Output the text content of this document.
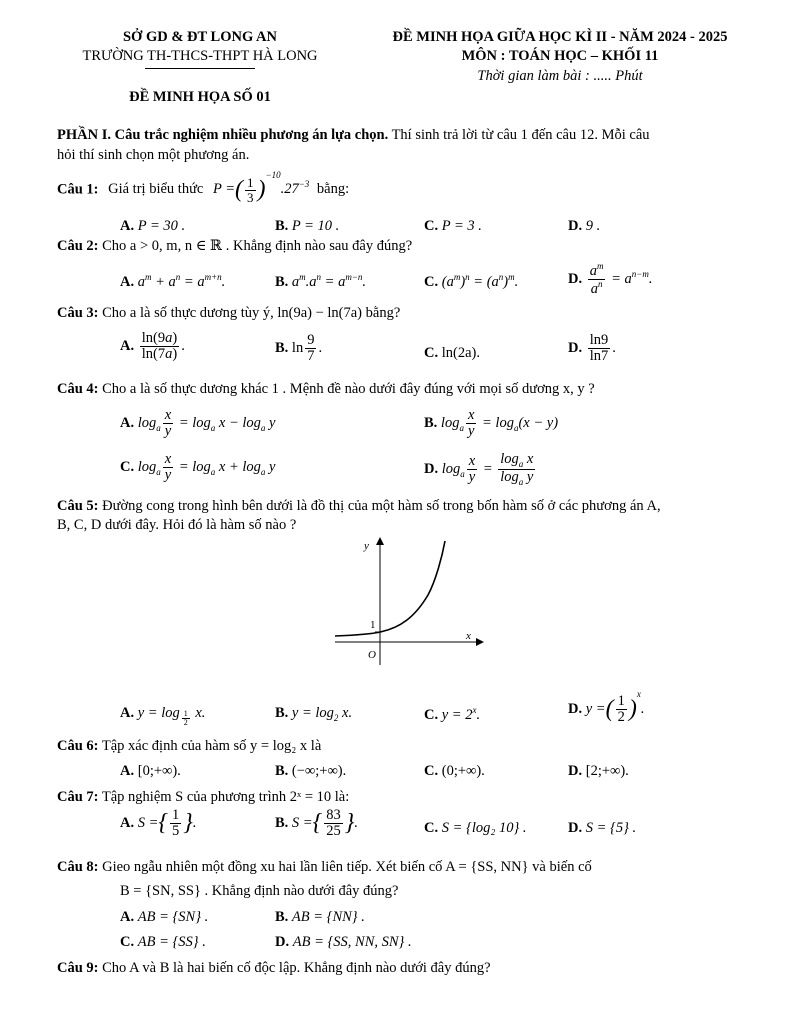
SỞ GD & ĐT LONG AN
TRƯỜNG TH-THCS-THPT HÀ LONG
ĐỀ MINH HỌA SỐ 01
ĐỀ MINH HỌA GIỮA HỌC KÌ II - NĂM 2024 - 2025
MÔN : TOÁN HỌC – KHỐI 11
Thời gian làm bài : ..... Phút
PHẦN I. Câu trắc nghiệm nhiều phương án lựa chọn. Thí sinh trả lời từ câu 1 đến câu 12. Mỗi câu
hỏi thí sinh chọn một phương án.
Câu 1: Giá trị biểu thức P =( $\frac{1}{3} )^{-10}.27^{-3}$ bằng:
A. P = 30 .	B. P = 10 .	C. P = 3 .	D. 9 .
Câu 2: Cho a > 0, m, n ∈ ℝ . Khẳng định nào sau đây đúng?
A. $a^m + a^n = a^{m+n}$.	B. $a^m.a^n = a^{m-n}$.	C. $(a^m)^n = (a^n)^m$.	D. $\frac{a^m}{a^n} = a^{n-m}$.
Câu 3: Cho a là số thực dương tùy ý, ln(9a) − ln(7a) bằng?
A. $\frac{\ln(9a)}{\ln(7a)}$ .	B. $\ln \frac{9}{7}$ .	C. ln(2a).	D. $\frac{\ln 9}{\ln 7}$ .
Câu 4: Cho a là số thực dương khác 1 . Mệnh đề nào dưới đây đúng với mọi số dương x, y ?
A. $\log_a \frac{x}{y} = \log_a x - \log_a y$	B. $\log_a \frac{x}{y} = \log_a(x - y)$
C. $\log_a \frac{x}{y} = \log_a x + \log_a y$	D. $\log_a \frac{x}{y} = \frac{\log_a x}{\log_a y}$
Câu 5: Đường cong trong hình bên dưới là đồ thị của một hàm số trong bốn hàm số ở các phương án A,
B, C, D dưới đây. Hỏi đó là hàm số nào ?
y
x
O
1
A. y = log $_{\frac{1}{2}}$ x.	B. $y = \log_2 x$.	C. $y = 2^x$.	D. y =( $\frac{1}{2} )^x$.
Câu 6: Tập xác định của hàm số y = log₂ x là
A. [0;+∞).	B. (−∞;+∞).	C. (0;+∞).	D. [2;+∞).
Câu 7: Tập nghiệm S của phương trình 2ˣ = 10 là:
A. S ={ $\frac{1}{5}$ }.	B. S ={ $\frac{83}{25}$ }.	C. S = {log₂ 10} .	D. S = {5} .
Câu 8: Gieo ngẫu nhiên một đồng xu hai lần liên tiếp. Xét biến cố A = {SS, NN} và biến cố
B = {SN, SS} . Khẳng định nào dưới đây đúng?
A. AB = {SN} .	B. AB = {NN} .
C. AB = {SS} .	D. AB = {SS, NN, SN} .
Câu 9: Cho A và B là hai biến cố độc lập. Khẳng định nào dưới đây đúng?
